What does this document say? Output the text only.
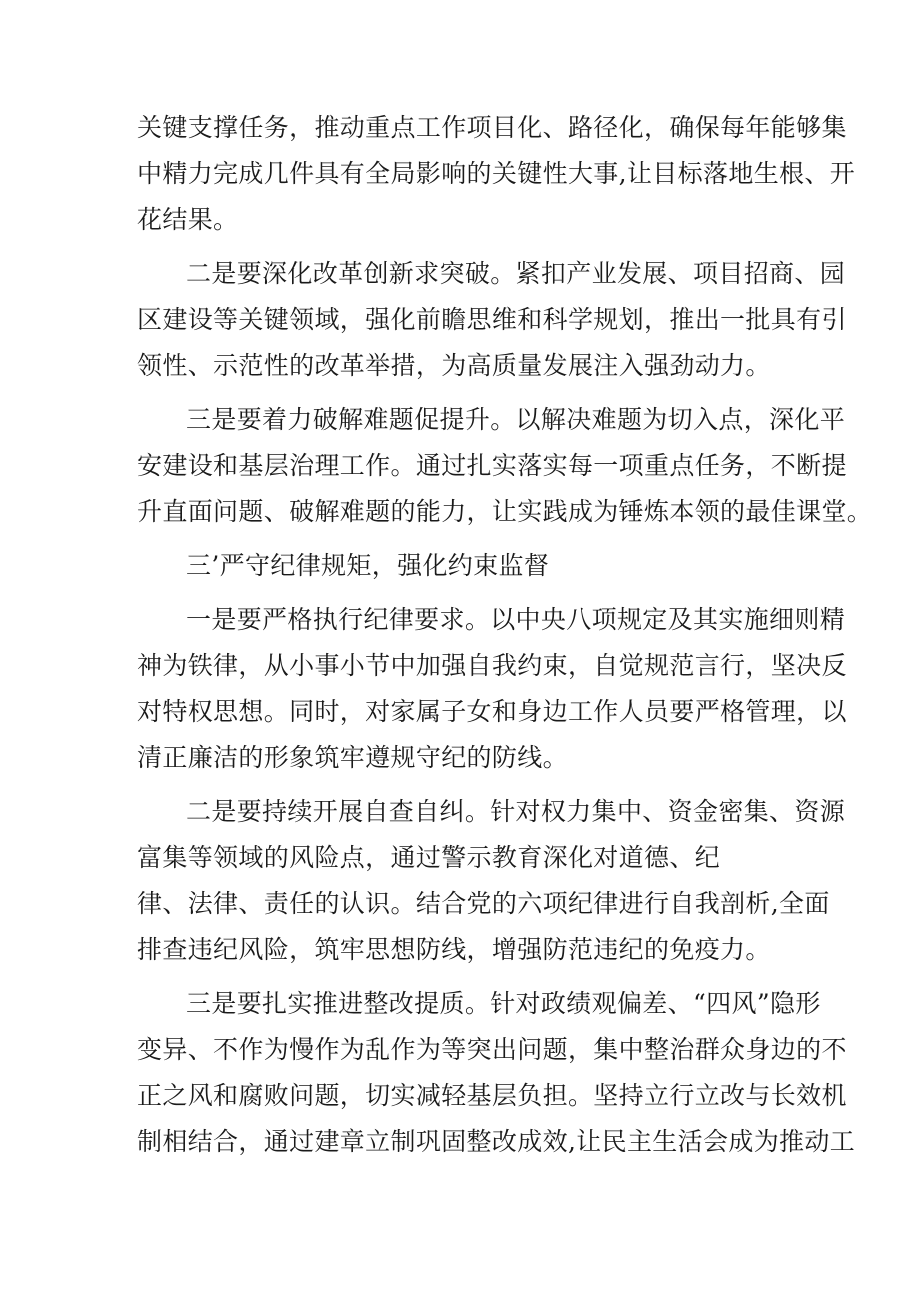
关键支撑任务，推动重点工作项目化、路径化，确保每年能够集
中精力完成几件具有全局影响的关键性大事,让目标落地生根、开
花结果。
二是要深化改革创新求突破。紧扣产业发展、项目招商、园
区建设等关键领域，强化前瞻思维和科学规划，推出一批具有引
领性、示范性的改革举措，为高质量发展注入强劲动力。
三是要着力破解难题促提升。以解决难题为切入点，深化平
安建设和基层治理工作。通过扎实落实每一项重点任务，不断提
升直面问题、破解难题的能力，让实践成为锤炼本领的最佳课堂。
三’严守纪律规矩，强化约束监督
一是要严格执行纪律要求。以中央八项规定及其实施细则精
神为铁律，从小事小节中加强自我约束，自觉规范言行，坚决反
对特权思想。同时，对家属子女和身边工作人员要严格管理，以
清正廉洁的形象筑牢遵规守纪的防线。
二是要持续开展自查自纠。针对权力集中、资金密集、资源
富集等领域的风险点，通过警示教育深化对道德、纪
律、法律、责任的认识。结合党的六项纪律进行自我剖析,全面
排查违纪风险，筑牢思想防线，增强防范违纪的免疫力。
三是要扎实推进整改提质。针对政绩观偏差、“四风”隐形
变异、不作为慢作为乱作为等突出问题，集中整治群众身边的不
正之风和腐败问题，切实减轻基层负担。坚持立行立改与长效机
制相结合，通过建章立制巩固整改成效,让民主生活会成为推动工
